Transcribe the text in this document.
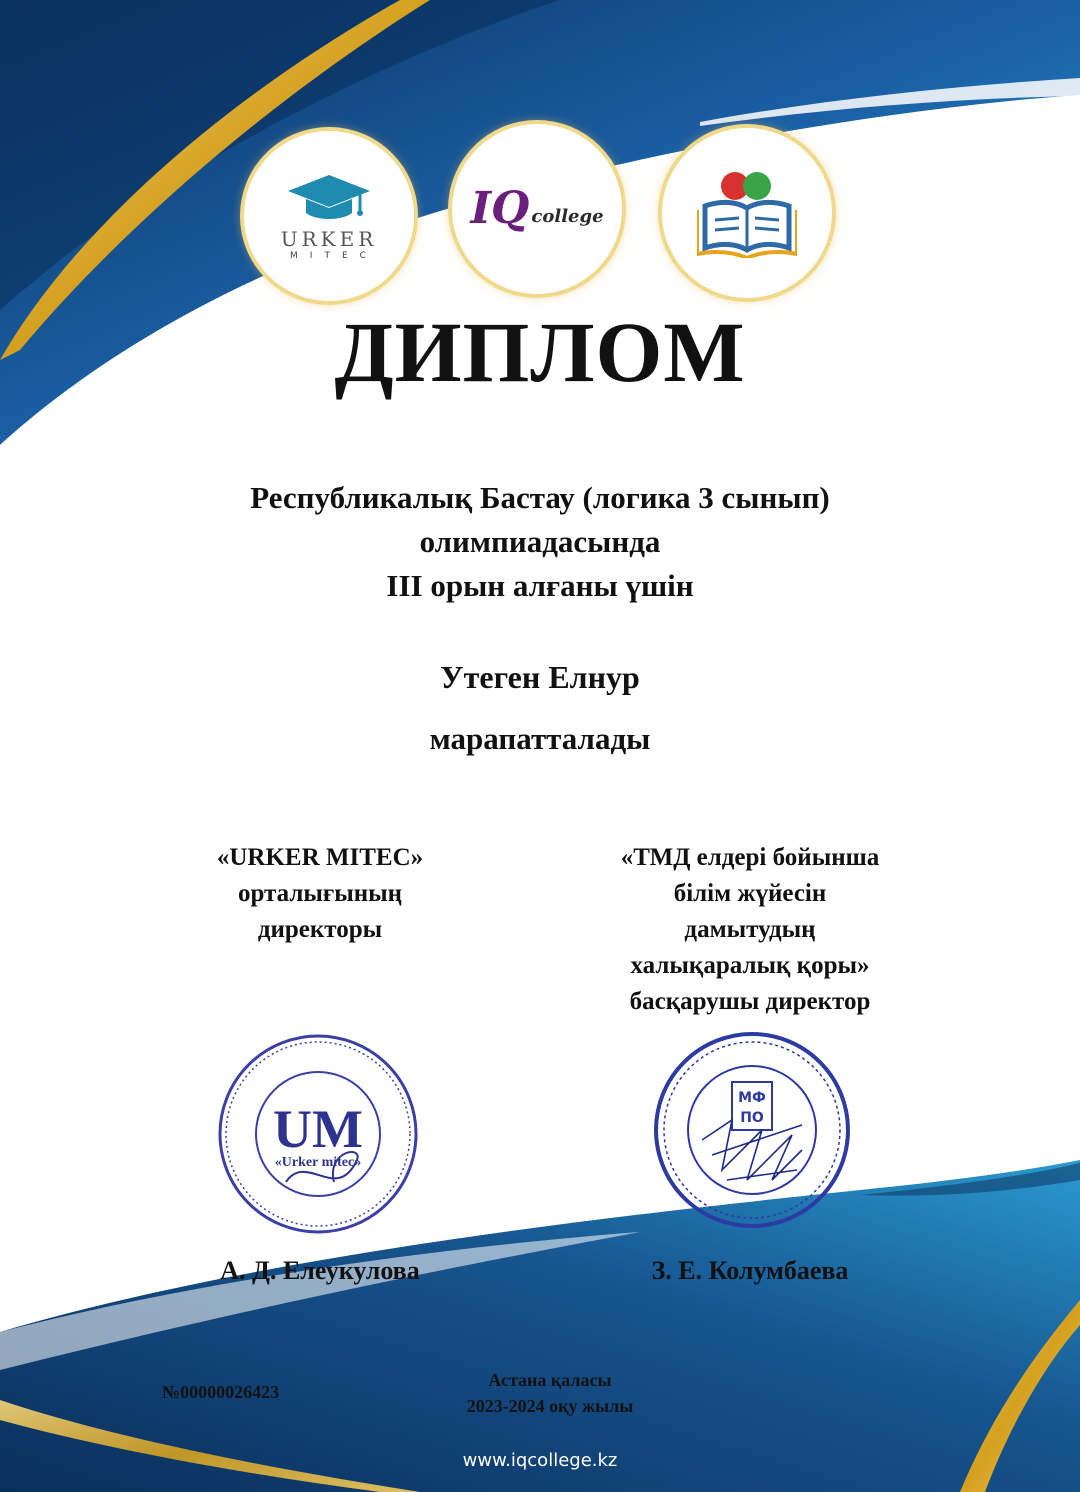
URKER
MITEC
IQ college
ДИПЛОМ
Республикалық Бастау (логика 3 сынып)
олимпиадасында
III орын алғаны үшін
Утеген Елнур
марапатталады
«URKER MITEC»
орталығының
директоры
«ТМД елдері бойынша
білім жүйесін
дамытудың
халықаралық қоры»
басқарушы директор
UM
«Urker mitec»
МФ
ПО
А. Д. Елеукулова	З. Е. Колумбаева
№00000026423
Астана қаласы
2023-2024 оқу жылы
www.iqcollege.kz
